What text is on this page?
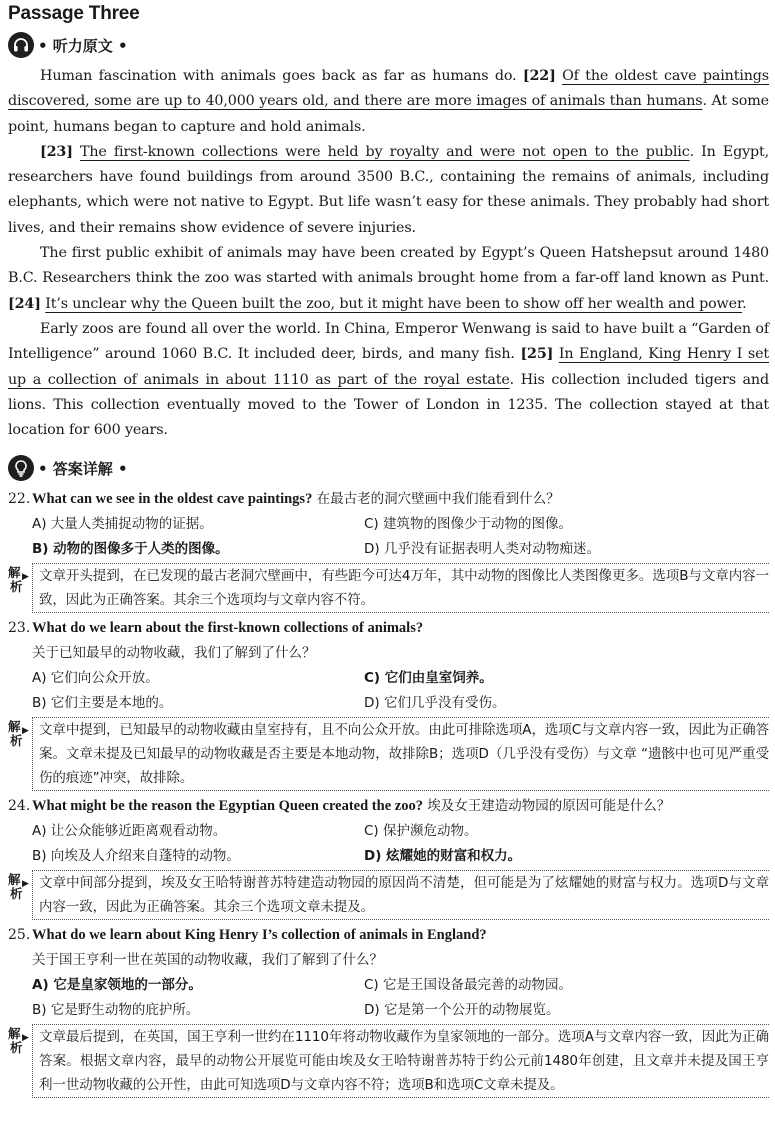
Passage Three
• 听力原文 •

Human fascination with animals goes back as far as humans do. [22] Of the oldest cave paintings discovered, some are up to 40,000 years old, and there are more images of animals than humans. At some point, humans began to capture and hold animals.

[23] The first-known collections were held by royalty and were not open to the public. In Egypt, researchers have found buildings from around 3500 B.C., containing the remains of animals, including elephants, which were not native to Egypt. But life wasn’t easy for these animals. They probably had short lives, and their remains show evidence of severe injuries.

The first public exhibit of animals may have been created by Egypt’s Queen Hatshepsut around 1480 B.C. Researchers think the zoo was started with animals brought home from a far-off land known as Punt. [24] It’s unclear why the Queen built the zoo, but it might have been to show off her wealth and power.

Early zoos are found all over the world. In China, Emperor Wenwang is said to have built a “Garden of Intelligence” around 1060 B.C. It included deer, birds, and many fish. [25] In England, King Henry I set up a collection of animals in about 1110 as part of the royal estate. His collection included tigers and lions. This collection eventually moved to the Tower of London in 1235. The collection stayed at that location for 600 years.

• 答案详解 •
22. What can we see in the oldest cave paintings? 在最古老的洞穴壁画中我们能看到什么？
A) 大量人类捕捉动物的证据。	C) 建筑物的图像少于动物的图像。
B) 动物的图像多于人类的图像。	D) 几乎没有证据表明人类对动物痴迷。
解
析
▶ 文章开头提到，在已发现的最古老洞穴壁画中，有些距今可达4万年，其中动物的图像比人类图像更多。选项B与文章内容一致，因此为正确答案。其余三个选项均与文章内容不符。
23. What do we learn about the first-known collections of animals?
关于已知最早的动物收藏，我们了解到了什么？
A) 它们向公众开放。	C) 它们由皇室饲养。
B) 它们主要是本地的。	D) 它们几乎没有受伤。
解
析
▶ 文章中提到，已知最早的动物收藏由皇室持有，且不向公众开放。由此可排除选项A，选项C与文章内容一致，因此为正确答案。文章未提及已知最早的动物收藏是否主要是本地动物，故排除B；选项D（几乎没有受伤）与文章 “遗骸中也可见严重受伤的痕迹”冲突，故排除。
24. What might be the reason the Egyptian Queen created the zoo? 埃及女王建造动物园的原因可能是什么？
A) 让公众能够近距离观看动物。	C) 保护濒危动物。
B) 向埃及人介绍来自蓬特的动物。	D) 炫耀她的财富和权力。
解
析
▶ 文章中间部分提到，埃及女王哈特谢普苏特建造动物园的原因尚不清楚，但可能是为了炫耀她的财富与权力。选项D与文章内容一致，因此为正确答案。其余三个选项文章未提及。
25. What do we learn about King Henry I’s collection of animals in England?
关于国王亨利一世在英国的动物收藏，我们了解到了什么？
A) 它是皇家领地的一部分。	C) 它是王国设备最完善的动物园。
B) 它是野生动物的庇护所。	D) 它是第一个公开的动物展览。
解
析
▶ 文章最后提到，在英国，国王亨利一世约在1110年将动物收藏作为皇家领地的一部分。选项A与文章内容一致，因此为正确答案。根据文章内容，最早的动物公开展览可能由埃及女王哈特谢普苏特于约公元前1480年创建，且文章并未提及国王亨利一世动物收藏的公开性，由此可知选项D与文章内容不符；选项B和选项C文章未提及。
